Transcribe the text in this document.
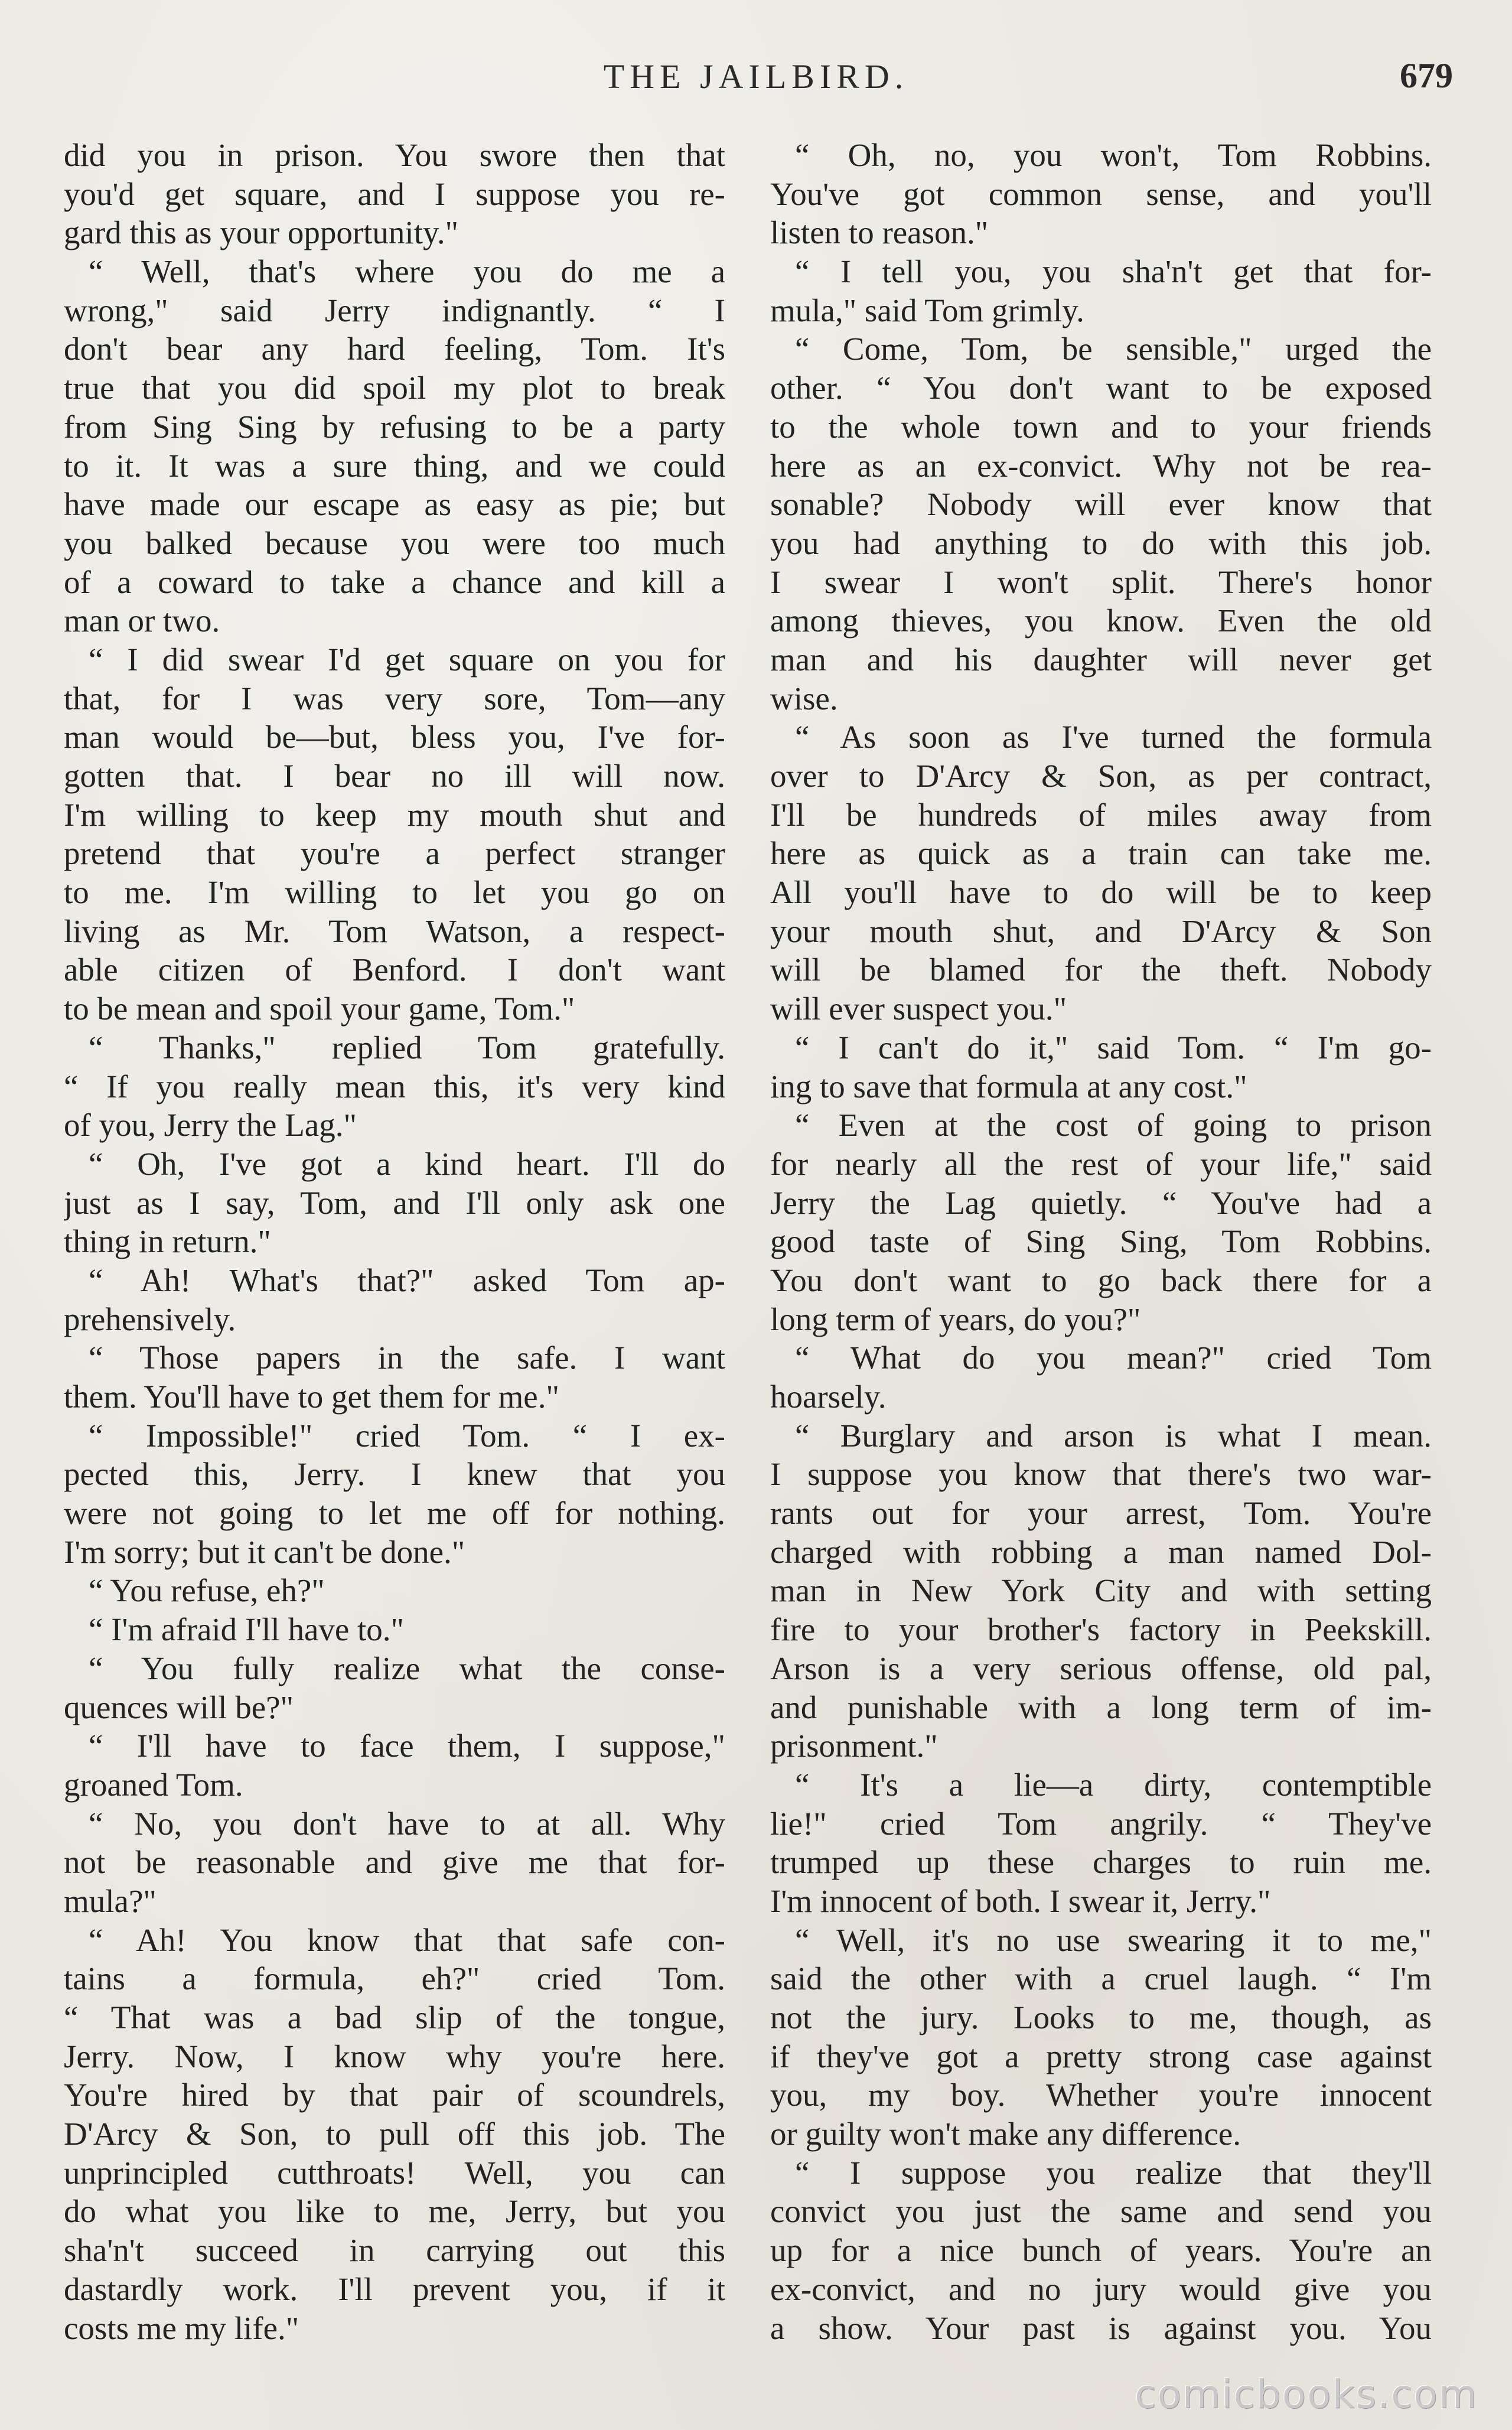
THE JAILBIRD.	679
did you in prison. You swore then that
you'd get square, and I suppose you re-
gard this as your opportunity."
“ Well, that's where you do me a
wrong," said Jerry indignantly. “ I
don't bear any hard feeling, Tom. It's
true that you did spoil my plot to break
from Sing Sing by refusing to be a party
to it. It was a sure thing, and we could
have made our escape as easy as pie; but
you balked because you were too much
of a coward to take a chance and kill a
man or two.
“ I did swear I'd get square on you for
that, for I was very sore, Tom—any
man would be—but, bless you, I've for-
gotten that. I bear no ill will now.
I'm willing to keep my mouth shut and
pretend that you're a perfect stranger
to me. I'm willing to let you go on
living as Mr. Tom Watson, a respect-
able citizen of Benford. I don't want
to be mean and spoil your game, Tom."
“ Thanks," replied Tom gratefully.
“ If you really mean this, it's very kind
of you, Jerry the Lag."
“ Oh, I've got a kind heart. I'll do
just as I say, Tom, and I'll only ask one
thing in return."
“ Ah! What's that?" asked Tom ap-
prehensively.
“ Those papers in the safe. I want
them. You'll have to get them for me."
“ Impossible!" cried Tom. “ I ex-
pected this, Jerry. I knew that you
were not going to let me off for nothing.
I'm sorry; but it can't be done."
“ You refuse, eh?"
“ I'm afraid I'll have to."
“ You fully realize what the conse-
quences will be?"
“ I'll have to face them, I suppose,"
groaned Tom.
“ No, you don't have to at all. Why
not be reasonable and give me that for-
mula?"
“ Ah! You know that that safe con-
tains a formula, eh?" cried Tom.
“ That was a bad slip of the tongue,
Jerry. Now, I know why you're here.
You're hired by that pair of scoundrels,
D'Arcy & Son, to pull off this job. The
unprincipled cutthroats! Well, you can
do what you like to me, Jerry, but you
sha'n't succeed in carrying out this
dastardly work. I'll prevent you, if it
costs me my life."
“ Oh, no, you won't, Tom Robbins.
You've got common sense, and you'll
listen to reason."
“ I tell you, you sha'n't get that for-
mula," said Tom grimly.
“ Come, Tom, be sensible," urged the
other. “ You don't want to be exposed
to the whole town and to your friends
here as an ex-convict. Why not be rea-
sonable? Nobody will ever know that
you had anything to do with this job.
I swear I won't split. There's honor
among thieves, you know. Even the old
man and his daughter will never get
wise.
“ As soon as I've turned the formula
over to D'Arcy & Son, as per contract,
I'll be hundreds of miles away from
here as quick as a train can take me.
All you'll have to do will be to keep
your mouth shut, and D'Arcy & Son
will be blamed for the theft. Nobody
will ever suspect you."
“ I can't do it," said Tom. “ I'm go-
ing to save that formula at any cost."
“ Even at the cost of going to prison
for nearly all the rest of your life," said
Jerry the Lag quietly. “ You've had a
good taste of Sing Sing, Tom Robbins.
You don't want to go back there for a
long term of years, do you?"
“ What do you mean?" cried Tom
hoarsely.
“ Burglary and arson is what I mean.
I suppose you know that there's two war-
rants out for your arrest, Tom. You're
charged with robbing a man named Dol-
man in New York City and with setting
fire to your brother's factory in Peekskill.
Arson is a very serious offense, old pal,
and punishable with a long term of im-
prisonment."
“ It's a lie—a dirty, contemptible
lie!" cried Tom angrily. “ They've
trumped up these charges to ruin me.
I'm innocent of both. I swear it, Jerry."
“ Well, it's no use swearing it to me,"
said the other with a cruel laugh. “ I'm
not the jury. Looks to me, though, as
if they've got a pretty strong case against
you, my boy. Whether you're innocent
or guilty won't make any difference.
“ I suppose you realize that they'll
convict you just the same and send you
up for a nice bunch of years. You're an
ex-convict, and no jury would give you
a show. Your past is against you. You
comicbooks.com
